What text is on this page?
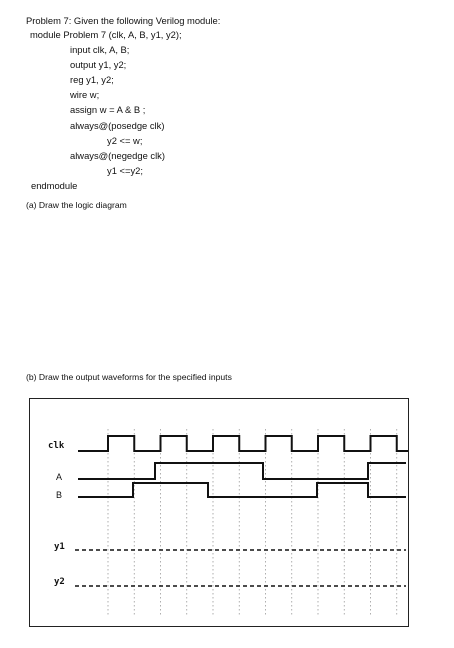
Problem 7: Given the following Verilog module:
module Problem 7 (clk, A, B, y1, y2);
input clk, A, B;
output y1, y2;
reg y1, y2;
wire w;
assign w = A & B ;
always@(posedge clk)
y2 <= w;
always@(negedge clk)
y1 <=y2;
endmodule
(a) Draw the logic diagram
(b) Draw the output waveforms for the specified inputs
clk
A
B
y1
y2
